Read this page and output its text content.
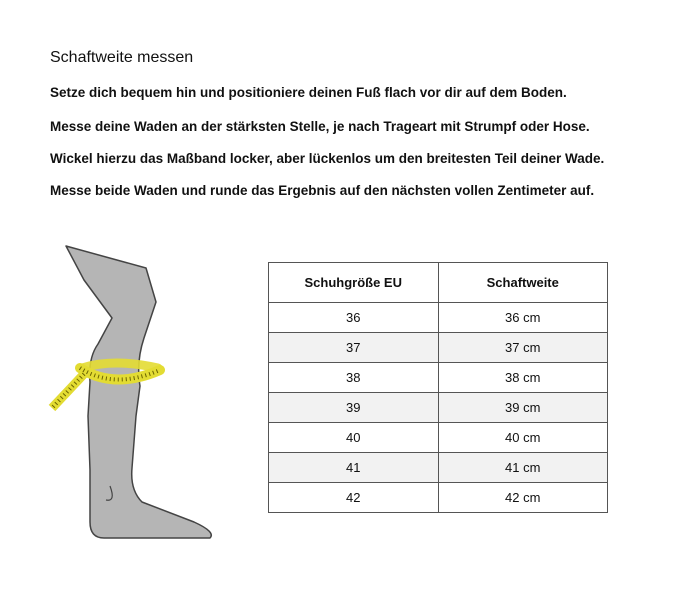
Schaftweite messen

Setze dich bequem hin und positioniere deinen Fuß flach vor dir auf dem Boden.

Messe deine Waden an der stärksten Stelle, je nach Trageart mit Strumpf oder Hose.

Wickel hierzu das Maßband locker, aber lückenlos um den breitesten Teil deiner Wade.

Messe beide Waden und runde das Ergebnis auf den nächsten vollen Zentimeter auf.

Schuhgröße EU	Schaftweite
36	36 cm
37	37 cm
38	38 cm
39	39 cm
40	40 cm
41	41 cm
42	42 cm
